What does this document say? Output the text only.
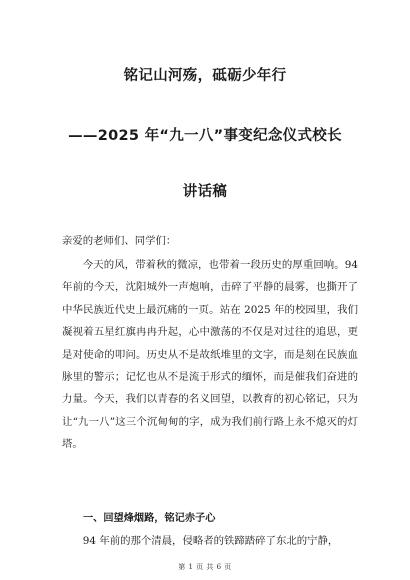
铭记山河殇，砥砺少年行
——2025 年“九一八”事变纪念仪式校长
讲话稿
亲爱的老师们、同学们：
今天的风，带着秋的微凉，也带着一段历史的厚重回响。94 年前的今天，沈阳城外一声炮响，击碎了平静的晨雾，也撕开了中华民族近代史上最沉痛的一页。站在 2025 年的校园里，我们凝视着五星红旗冉冉升起，心中激荡的不仅是对过往的追思，更是对使命的叩问。历史从不是故纸堆里的文字，而是刻在民族血脉里的警示；记忆也从不是流于形式的缅怀，而是催我们奋进的力量。今天，我们以青春的名义回望，以教育的初心铭记，只为让“九一八”这三个沉甸甸的字，成为我们前行路上永不熄灭的灯塔。
一、回望烽烟路，铭记赤子心
94 年前的那个清晨，侵略者的铁蹄踏碎了东北的宁静，
第 1 页 共 6 页
